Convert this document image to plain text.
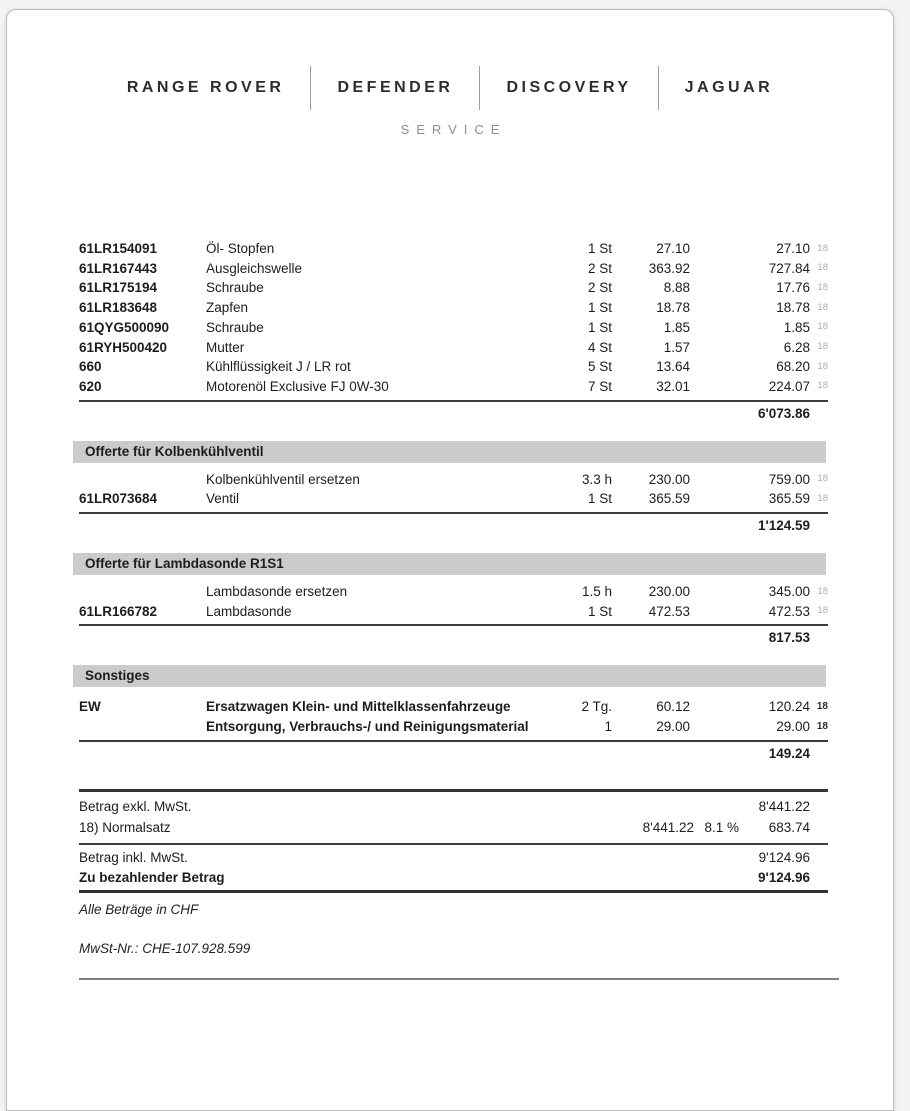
RANGE ROVER	DEFENDER	DISCOVERY	JAGUAR
SERVICE
61LR154091	Öl- Stopfen	1 St	27.10	27.10 18
61LR167443	Ausgleichswelle	2 St	363.92	727.84 18
61LR175194	Schraube	2 St	8.88	17.76 18
61LR183648	Zapfen	1 St	18.78	18.78 18
61QYG500090	Schraube	1 St	1.85	1.85 18
61RYH500420	Mutter	4 St	1.57	6.28 18
660	Kühlflüssigkeit J / LR rot	5 St	13.64	68.20 18
620	Motorenöl Exclusive FJ 0W-30	7 St	32.01	224.07 18
6'073.86
Offerte für Kolbenkühlventil
Kolbenkühlventil ersetzen	3.3 h	230.00	759.00 18
61LR073684	Ventil	1 St	365.59	365.59 18
1'124.59
Offerte für Lambdasonde R1S1
Lambdasonde ersetzen	1.5 h	230.00	345.00 18
61LR166782	Lambdasonde	1 St	472.53	472.53 18
817.53
Sonstiges
EW	Ersatzwagen Klein- und Mittelklassenfahrzeuge	2 Tg.	60.12	120.24 18
Entsorgung, Verbrauchs-/ und Reinigungsmaterial	1	29.00	29.00 18
149.24
Betrag exkl. MwSt.	8'441.22
18) Normalsatz	8'441.22 8.1 %	683.74
Betrag inkl. MwSt.	9'124.96
Zu bezahlender Betrag	9'124.96
Alle Beträge in CHF
MwSt-Nr.: CHE-107.928.599
